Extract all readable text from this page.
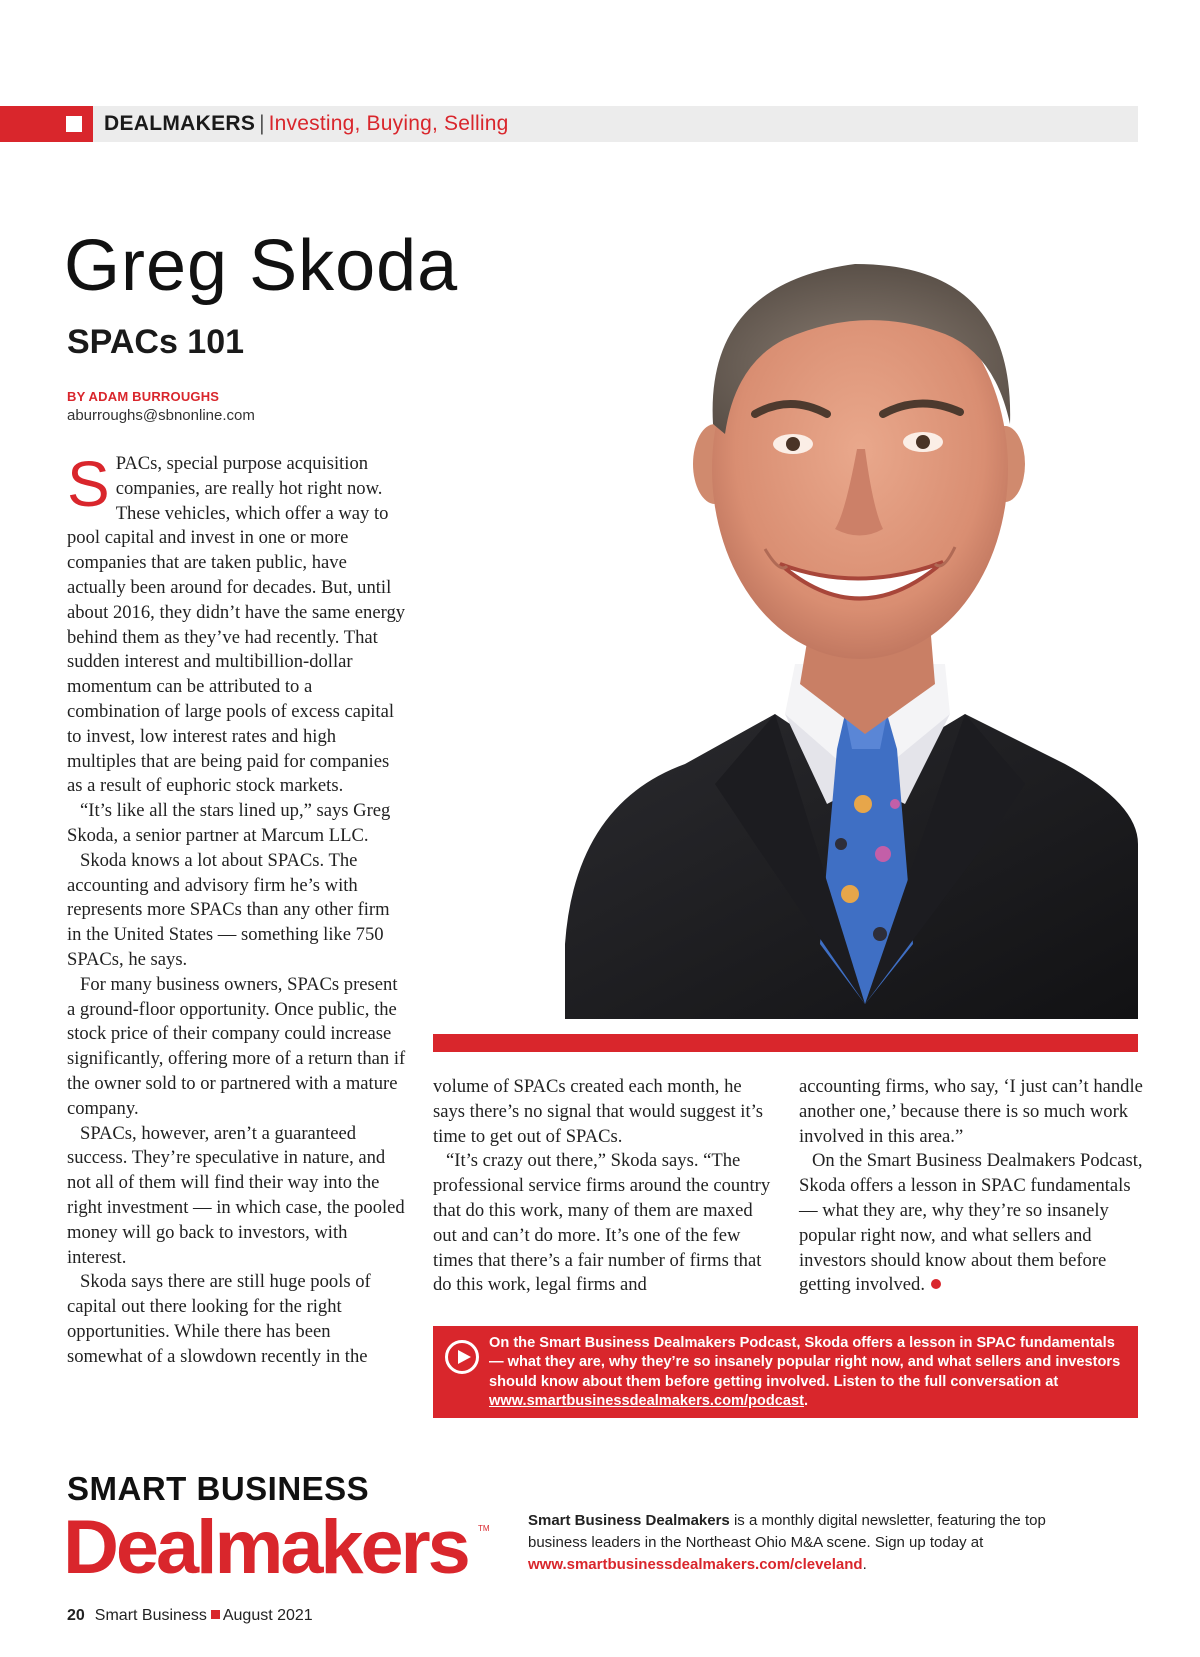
DEALMAKERS | Investing, Buying, Selling
Greg Skoda
SPACs 101
BY ADAM BURROUGHS
aburroughs@sbnonline.com

S PACs, special purpose acquisition companies, are really hot right now. These vehicles, which offer a way to pool capital and invest in one or more companies that are taken public, have actually been around for decades. But, until about 2016, they didn’t have the same energy behind them as they’ve had recently. That sudden interest and multibillion-dollar momentum can be attributed to a combination of large pools of excess capital to invest, low interest rates and high multiples that are being paid for companies as a result of euphoric stock markets.

“It’s like all the stars lined up,” says Greg Skoda, a senior partner at Marcum LLC.

Skoda knows a lot about SPACs. The accounting and advisory firm he’s with represents more SPACs than any other firm in the United States — something like 750 SPACs, he says.

For many business owners, SPACs present a ground-floor opportunity. Once public, the stock price of their company could increase significantly, offering more of a return than if the owner sold to or partnered with a mature company.

SPACs, however, aren’t a guaranteed success. They’re speculative in nature, and not all of them will find their way into the right investment — in which case, the pooled money will go back to investors, with interest.

Skoda says there are still huge pools of capital out there looking for the right opportunities. While there has been somewhat of a slowdown recently in the

volume of SPACs created each month, he says there’s no signal that would suggest it’s time to get out of SPACs.

“It’s crazy out there,” Skoda says. “The professional service firms around the country that do this work, many of them are maxed out and can’t do more. It’s one of the few times that there’s a fair number of firms that do this work, legal firms and

accounting firms, who say, ‘I just can’t handle another one,’ because there is so much work involved in this area.”

On the Smart Business Dealmakers Podcast, Skoda offers a lesson in SPAC fundamentals — what they are, why they’re so insanely popular right now, and what sellers and investors should know about them before getting involved.

On the Smart Business Dealmakers Podcast, Skoda offers a lesson in SPAC fundamentals — what they are, why they’re so insanely popular right now, and what sellers and investors should know about them before getting involved. Listen to the full conversation at www.smartbusinessdealmakers.com/podcast.
SMART BUSINESS
Dealmakers TM	Smart Business Dealmakers is a monthly digital newsletter, featuring the top business leaders in the Northeast Ohio M&A scene. Sign up today at www.smartbusinessdealmakers.com/cleveland.
20 Smart Business August 2021
